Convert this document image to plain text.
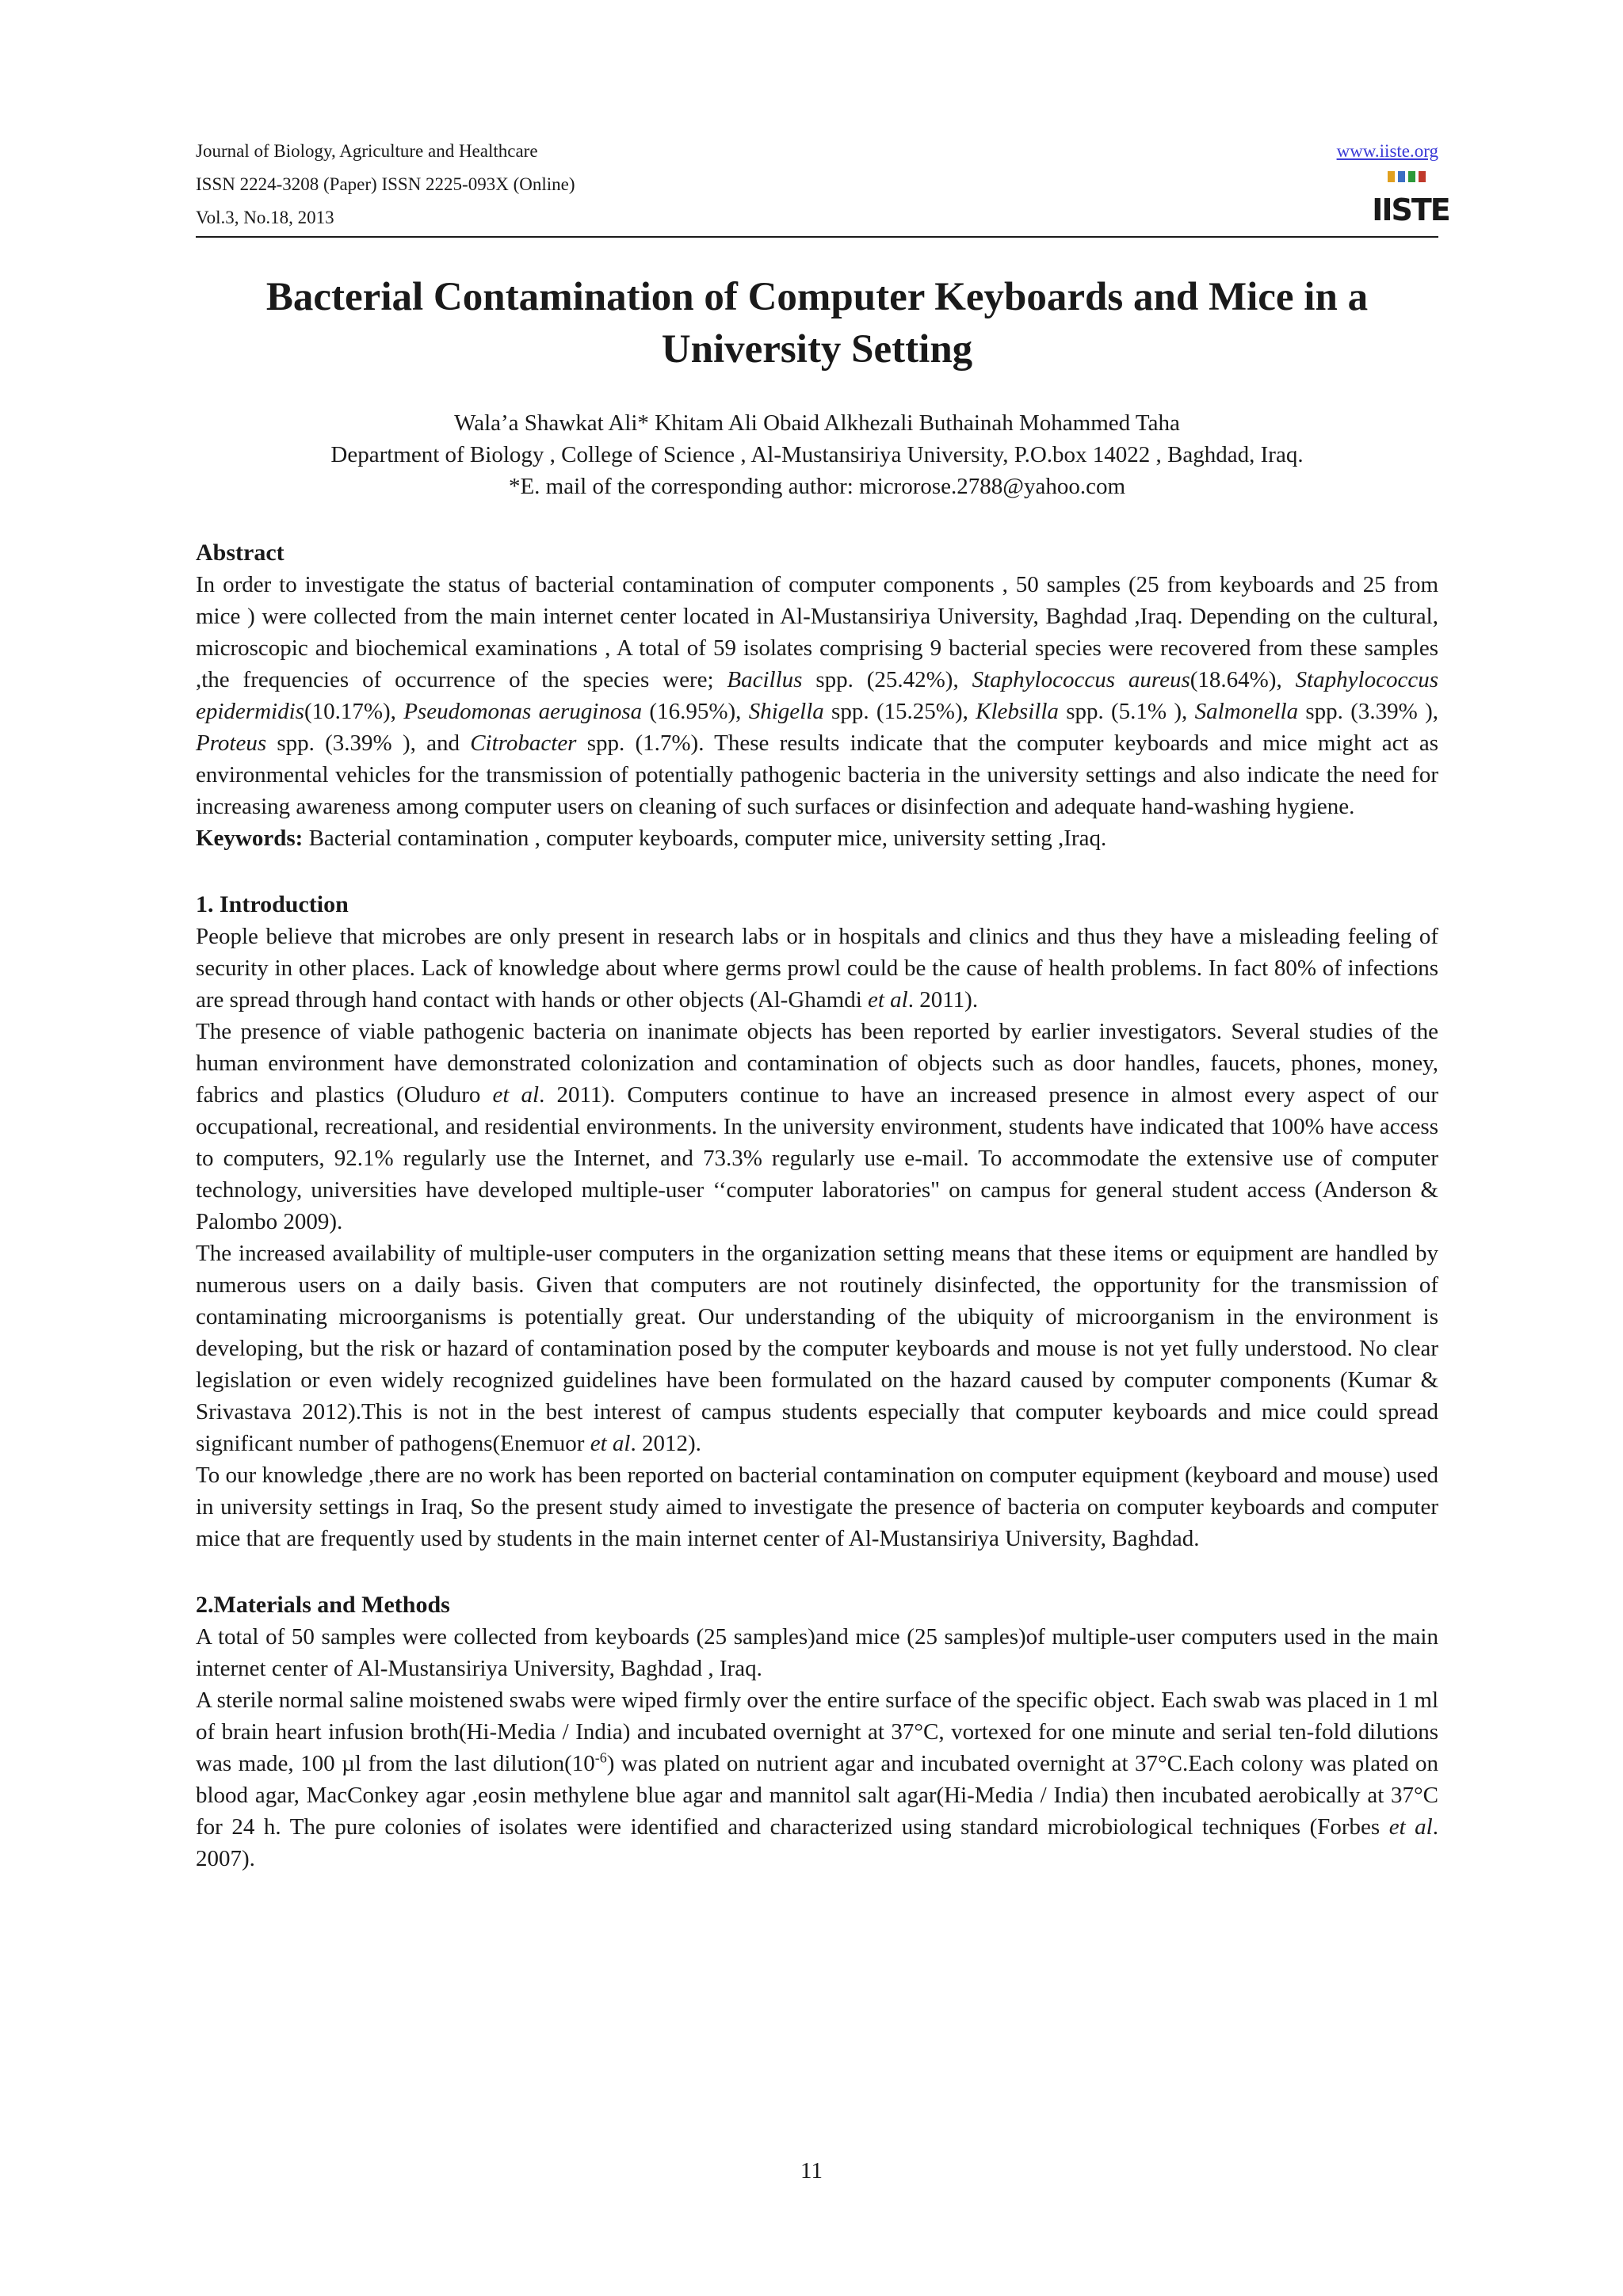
Journal of Biology, Agriculture and Healthcare
ISSN 2224-3208 (Paper) ISSN 2225-093X (Online)
Vol.3, No.18, 2013
www.iiste.org
IISTE
Bacterial Contamination of Computer Keyboards and Mice in a University Setting
Wala’a Shawkat Ali* Khitam Ali Obaid Alkhezali Buthainah Mohammed Taha
Department of Biology , College of Science , Al-Mustansiriya University, P.O.box 14022 , Baghdad, Iraq.
*E. mail of the corresponding author: microrose.2788@yahoo.com
Abstract

In order to investigate the status of bacterial contamination of computer components , 50 samples (25 from keyboards and 25 from mice ) were collected from the main internet center located in Al-Mustansiriya University, Baghdad ,Iraq. Depending on the cultural, microscopic and biochemical examinations , A total of 59 isolates comprising 9 bacterial species were recovered from these samples ,the frequencies of occurrence of the species were; Bacillus spp. (25.42%), Staphylococcus aureus(18.64%), Staphylococcus epidermidis(10.17%), Pseudomonas aeruginosa (16.95%), Shigella spp. (15.25%), Klebsilla spp. (5.1% ), Salmonella spp. (3.39% ), Proteus spp. (3.39% ), and Citrobacter spp. (1.7%). These results indicate that the computer keyboards and mice might act as environmental vehicles for the transmission of potentially pathogenic bacteria in the university settings and also indicate the need for increasing awareness among computer users on cleaning of such surfaces or disinfection and adequate hand-washing hygiene.

Keywords: Bacterial contamination , computer keyboards, computer mice, university setting ,Iraq.

1. Introduction

People believe that microbes are only present in research labs or in hospitals and clinics and thus they have a misleading feeling of security in other places. Lack of knowledge about where germs prowl could be the cause of health problems. In fact 80% of infections are spread through hand contact with hands or other objects (Al-Ghamdi et al. 2011).

The presence of viable pathogenic bacteria on inanimate objects has been reported by earlier investigators. Several studies of the human environment have demonstrated colonization and contamination of objects such as door handles, faucets, phones, money, fabrics and plastics (Oluduro et al. 2011). Computers continue to have an increased presence in almost every aspect of our occupational, recreational, and residential environments. In the university environment, students have indicated that 100% have access to computers, 92.1% regularly use the Internet, and 73.3% regularly use e-mail. To accommodate the extensive use of computer technology, universities have developed multiple-user ‘‘computer laboratories" on campus for general student access (Anderson & Palombo 2009).

The increased availability of multiple-user computers in the organization setting means that these items or equipment are handled by numerous users on a daily basis. Given that computers are not routinely disinfected, the opportunity for the transmission of contaminating microorganisms is potentially great. Our understanding of the ubiquity of microorganism in the environment is developing, but the risk or hazard of contamination posed by the computer keyboards and mouse is not yet fully understood. No clear legislation or even widely recognized guidelines have been formulated on the hazard caused by computer components (Kumar & Srivastava 2012).This is not in the best interest of campus students especially that computer keyboards and mice could spread significant number of pathogens(Enemuor et al. 2012).

To our knowledge ,there are no work has been reported on bacterial contamination on computer equipment (keyboard and mouse) used in university settings in Iraq, So the present study aimed to investigate the presence of bacteria on computer keyboards and computer mice that are frequently used by students in the main internet center of Al-Mustansiriya University, Baghdad.

2.Materials and Methods

A total of 50 samples were collected from keyboards (25 samples)and mice (25 samples)of multiple-user computers used in the main internet center of Al-Mustansiriya University, Baghdad , Iraq.

A sterile normal saline moistened swabs were wiped firmly over the entire surface of the specific object. Each swab was placed in 1 ml of brain heart infusion broth(Hi-Media / India) and incubated overnight at 37°C, vortexed for one minute and serial ten-fold dilutions was made, 100 µl from the last $dilution(10^{-6})$ was plated on nutrient agar and incubated overnight at 37°C.Each colony was plated on blood agar, MacConkey agar ,eosin methylene blue agar and mannitol salt agar(Hi-Media / India) then incubated aerobically at 37°C for 24 h. The pure colonies of isolates were identified and characterized using standard microbiological techniques (Forbes et al. 2007).

11
